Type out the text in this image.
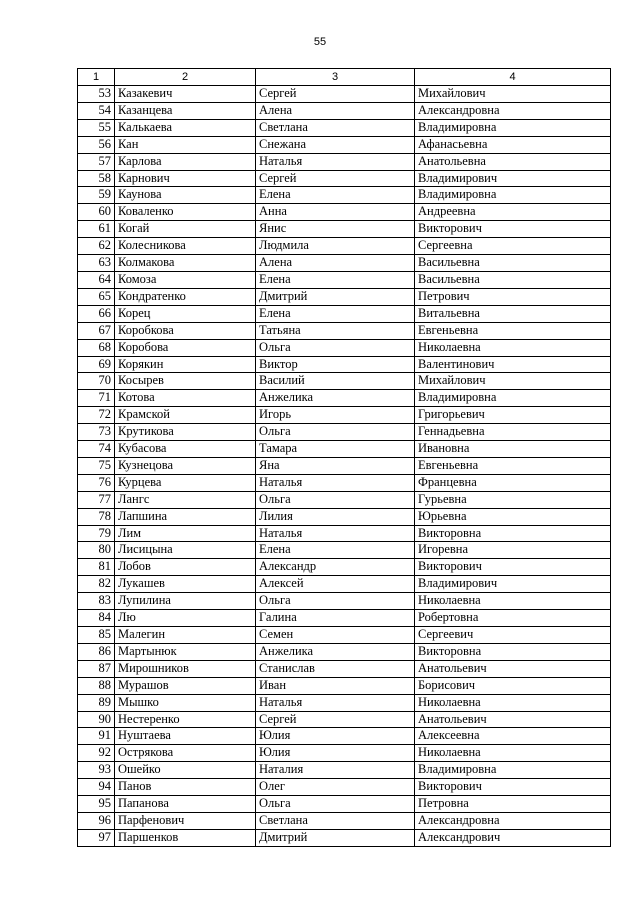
55
1	2	3	4
53	Казакевич	Сергей	Михайлович
54	Казанцева	Алена	Александровна
55	Калькаева	Светлана	Владимировна
56	Кан	Снежана	Афанасьевна
57	Карлова	Наталья	Анатольевна
58	Карнович	Сергей	Владимирович
59	Каунова	Елена	Владимировна
60	Коваленко	Анна	Андреевна
61	Когай	Янис	Викторович
62	Колесникова	Людмила	Сергеевна
63	Колмакова	Алена	Васильевна
64	Комоза	Елена	Васильевна
65	Кондратенко	Дмитрий	Петрович
66	Корец	Елена	Витальевна
67	Коробкова	Татьяна	Евгеньевна
68	Коробова	Ольга	Николаевна
69	Корякин	Виктор	Валентинович
70	Косырев	Василий	Михайлович
71	Котова	Анжелика	Владимировна
72	Крамской	Игорь	Григорьевич
73	Крутикова	Ольга	Геннадьевна
74	Кубасова	Тамара	Ивановна
75	Кузнецова	Яна	Евгеньевна
76	Курцева	Наталья	Францевна
77	Лангс	Ольга	Гурьевна
78	Лапшина	Лилия	Юрьевна
79	Лим	Наталья	Викторовна
80	Лисицына	Елена	Игоревна
81	Лобов	Александр	Викторович
82	Лукашев	Алексей	Владимирович
83	Лупилина	Ольга	Николаевна
84	Лю	Галина	Робертовна
85	Малегин	Семен	Сергеевич
86	Мартынюк	Анжелика	Викторовна
87	Мирошников	Станислав	Анатольевич
88	Мурашов	Иван	Борисович
89	Мышко	Наталья	Николаевна
90	Нестеренко	Сергей	Анатольевич
91	Нуштаева	Юлия	Алексеевна
92	Острякова	Юлия	Николаевна
93	Ошейко	Наталия	Владимировна
94	Панов	Олег	Викторович
95	Папанова	Ольга	Петровна
96	Парфенович	Светлана	Александровна
97	Паршенков	Дмитрий	Александрович
